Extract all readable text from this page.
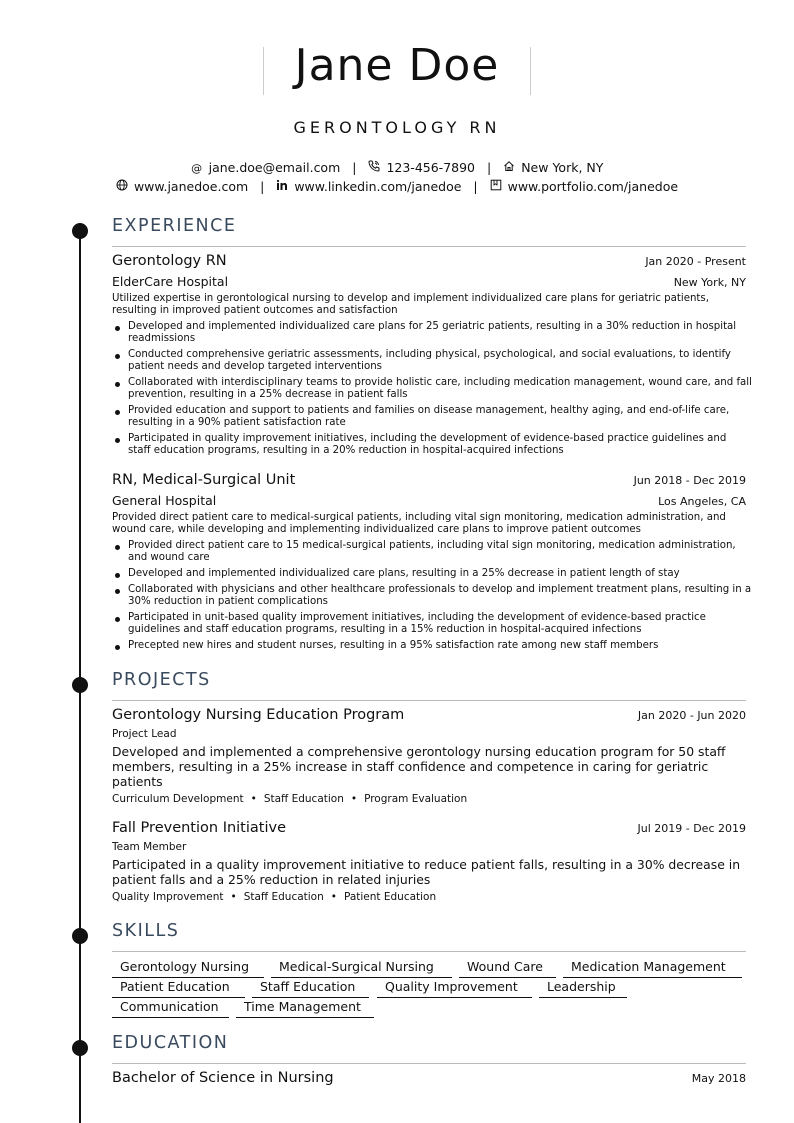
Jane Doe
GERONTOLOGY RN
@ jane.doe@email.com | 123-456-7890 | New York, NY
www.janedoe.com | www.linkedin.com/janedoe | www.portfolio.com/janedoe
EXPERIENCE
Gerontology RN	Jan 2020 - Present
ElderCare Hospital	New York, NY
Utilized expertise in gerontological nursing to develop and implement individualized care plans for geriatric patients, resulting in improved patient outcomes and satisfaction
Developed and implemented individualized care plans for 25 geriatric patients, resulting in a 30% reduction in hospital readmissions
Conducted comprehensive geriatric assessments, including physical, psychological, and social evaluations, to identify patient needs and develop targeted interventions
Collaborated with interdisciplinary teams to provide holistic care, including medication management, wound care, and fall prevention, resulting in a 25% decrease in patient falls
Provided education and support to patients and families on disease management, healthy aging, and end-of-life care, resulting in a 90% patient satisfaction rate
Participated in quality improvement initiatives, including the development of evidence-based practice guidelines and staff education programs, resulting in a 20% reduction in hospital-acquired infections
RN, Medical-Surgical Unit	Jun 2018 - Dec 2019
General Hospital	Los Angeles, CA
Provided direct patient care to medical-surgical patients, including vital sign monitoring, medication administration, and wound care, while developing and implementing individualized care plans to improve patient outcomes
Provided direct patient care to 15 medical-surgical patients, including vital sign monitoring, medication administration, and wound care
Developed and implemented individualized care plans, resulting in a 25% decrease in patient length of stay
Collaborated with physicians and other healthcare professionals to develop and implement treatment plans, resulting in a 30% reduction in patient complications
Participated in unit-based quality improvement initiatives, including the development of evidence-based practice guidelines and staff education programs, resulting in a 15% reduction in hospital-acquired infections
Precepted new hires and student nurses, resulting in a 95% satisfaction rate among new staff members
PROJECTS
Gerontology Nursing Education Program	Jan 2020 - Jun 2020
Project Lead
Developed and implemented a comprehensive gerontology nursing education program for 50 staff members, resulting in a 25% increase in staff confidence and competence in caring for geriatric patients
Curriculum Development • Staff Education • Program Evaluation
Fall Prevention Initiative	Jul 2019 - Dec 2019
Team Member
Participated in a quality improvement initiative to reduce patient falls, resulting in a 30% decrease in patient falls and a 25% reduction in related injuries
Quality Improvement • Staff Education • Patient Education
SKILLS
Gerontology Nursing	Medical-Surgical Nursing	Wound Care	Medication Management
Patient Education	Staff Education	Quality Improvement	Leadership
Communication	Time Management
EDUCATION
Bachelor of Science in Nursing	May 2018
